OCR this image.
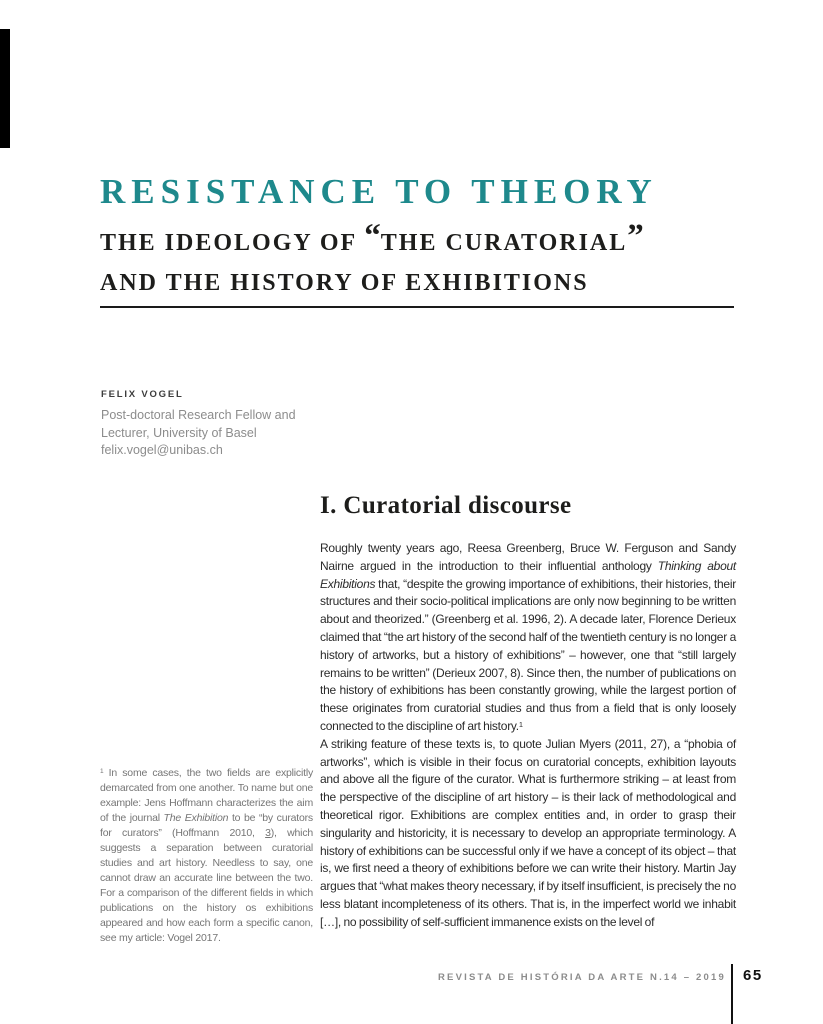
RESISTANCE TO THEORY
THE IDEOLOGY OF “THE CURATORIAL”
AND THE HISTORY OF EXHIBITIONS
FELIX VOGEL
Post-doctoral Research Fellow and
Lecturer, University of Basel
felix.vogel@unibas.ch
I. Curatorial discourse

Roughly twenty years ago, Reesa Greenberg, Bruce W. Ferguson and Sandy Nairne argued in the introduction to their influential anthology Thinking about Exhibitions that, “despite the growing importance of exhibitions, their histories, their structures and their socio-political implications are only now beginning to be written about and theorized.” (Greenberg et al. 1996, 2). A decade later, Florence Derieux claimed that “the art history of the second half of the twentieth century is no longer a history of artworks, but a history of exhibitions” – however, one that “still largely remains to be written” (Derieux 2007, 8). Since then, the number of publications on the history of exhibitions has been constantly growing, while the largest portion of these originates from curatorial studies and thus from a field that is only loosely connected to the discipline of art history.$^1$

A striking feature of these texts is, to quote Julian Myers (2011, 27), a “phobia of artworks”, which is visible in their focus on curatorial concepts, exhibition layouts and above all the figure of the curator. What is furthermore striking – at least from the perspective of the discipline of art history – is their lack of methodological and theoretical rigor. Exhibitions are complex entities and, in order to grasp their singularity and historicity, it is necessary to develop an appropriate terminology. A history of exhibitions can be successful only if we have a concept of its object – that is, we first need a theory of exhibitions before we can write their history. Martin Jay argues that “what makes theory necessary, if by itself insufficient, is precisely the no less blatant incompleteness of its others. That is, in the imperfect world we inhabit […], no possibility of self-sufficient immanence exists on the level of

$^1$ In some cases, the two fields are explicitly demarcated from one another. To name but one example: Jens Hoffmann characterizes the aim of the journal The Exhibition to be “by curators for curators” (Hoffmann 2010, 3), which suggests a separation between curatorial studies and art history. Needless to say, one cannot draw an accurate line between the two. For a comparison of the different fields in which publications on the history os exhibitions appeared and how each form a specific canon, see my article: Vogel 2017.

REVISTA DE HISTÓRIA DA ARTE N.14 – 2019 65
